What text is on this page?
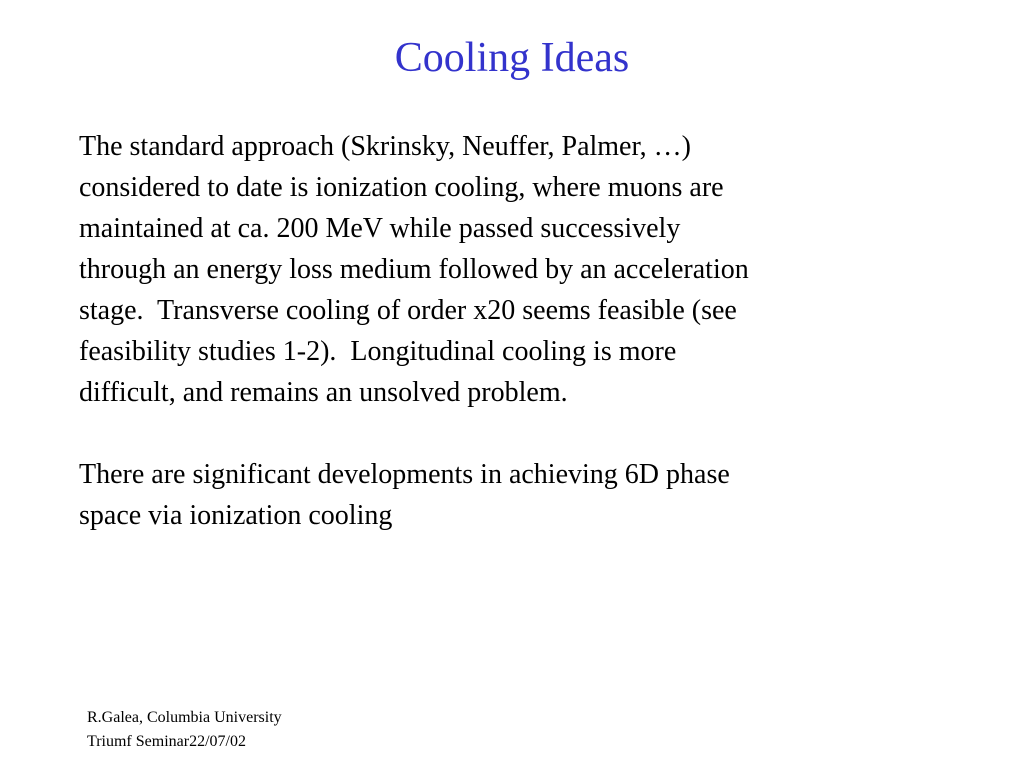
Cooling Ideas

The standard approach (Skrinsky, Neuffer, Palmer, …)
considered to date is ionization cooling, where muons are
maintained at ca. 200 MeV while passed successively
through an energy loss medium followed by an acceleration
stage.  Transverse cooling of order x20 seems feasible (see
feasibility studies 1-2).  Longitudinal cooling is more
difficult, and remains an unsolved problem.

There are significant developments in achieving 6D phase
space via ionization cooling

R.Galea, Columbia University
Triumf Seminar22/07/02
